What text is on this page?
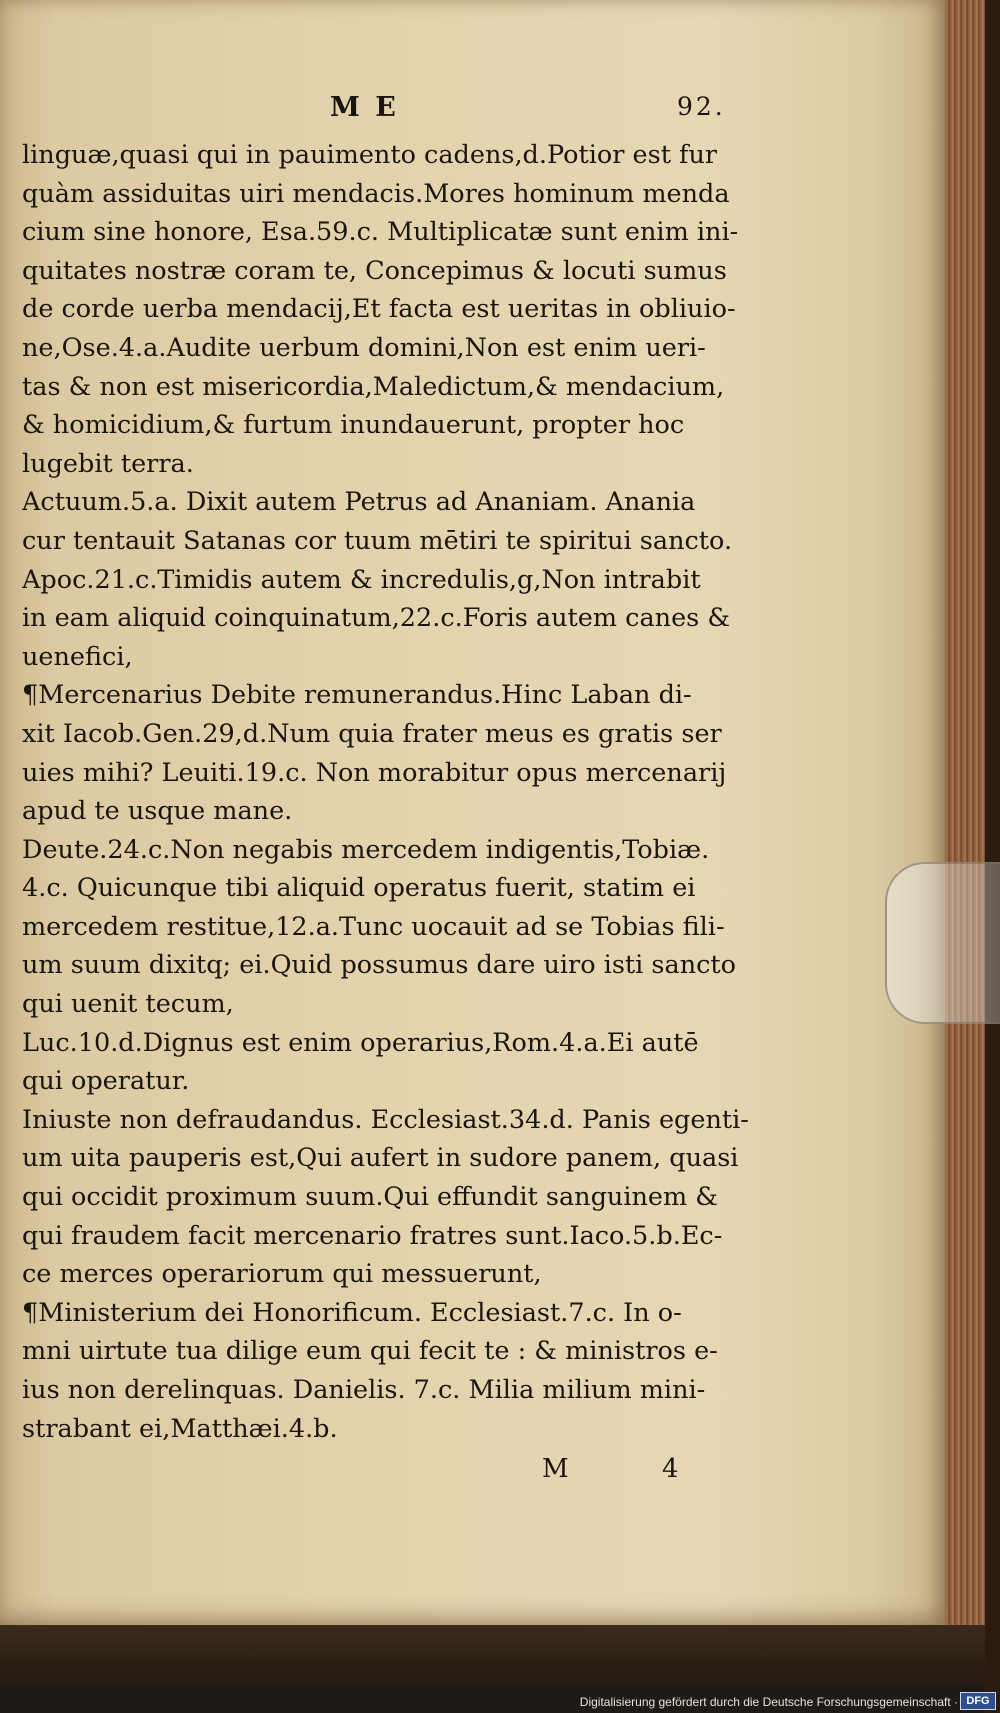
M E	92.
linguæ,quasi qui in pauimento cadens,d.Potior est fur
quàm assiduitas uiri mendacis.Mores hominum menda
cium sine honore, Esa.59.c. Multiplicatæ sunt enim ini-
quitates nostræ coram te, Concepimus & locuti sumus
de corde uerba mendacij,Et facta est ueritas in obliuio-
ne,Ose.4.a.Audite uerbum domini,Non est enim ueri-
tas & non est misericordia,Maledictum,& mendacium,
& homicidium,& furtum inundauerunt, propter hoc
lugebit terra.
Actuum.5.a. Dixit autem Petrus ad Ananiam. Anania
cur tentauit Satanas cor tuum mētiri te spiritui sancto.
Apoc.21.c.Timidis autem & incredulis,g,Non intrabit
in eam aliquid coinquinatum,22.c.Foris autem canes &
uenefici,
¶Mercenarius Debite remunerandus.Hinc Laban di-
xit Iacob.Gen.29,d.Num quia frater meus es gratis ser
uies mihi? Leuiti.19.c. Non morabitur opus mercenarij
apud te usque mane.
Deute.24.c.Non negabis mercedem indigentis,Tobiæ.
4.c. Quicunque tibi aliquid operatus fuerit, statim ei
mercedem restitue,12.a.Tunc uocauit ad se Tobias fili-
um suum dixitq; ei.Quid possumus dare uiro isti sancto
qui uenit tecum,
Luc.10.d.Dignus est enim operarius,Rom.4.a.Ei autē
qui operatur.
Iniuste non defraudandus. Ecclesiast.34.d. Panis egenti-
um uita pauperis est,Qui aufert in sudore panem, quasi
qui occidit proximum suum.Qui effundit sanguinem &
qui fraudem facit mercenario fratres sunt.Iaco.5.b.Ec-
ce merces operariorum qui messuerunt,
¶Ministerium dei Honorificum. Ecclesiast.7.c. In o-
mni uirtute tua dilige eum qui fecit te : & ministros e-
ius non derelinquas. Danielis. 7.c. Milia milium mini-
strabant ei,Matthæi.4.b.
M	4
Digitalisierung gefördert durch die Deutsche Forschungsgemeinschaft · DFG
